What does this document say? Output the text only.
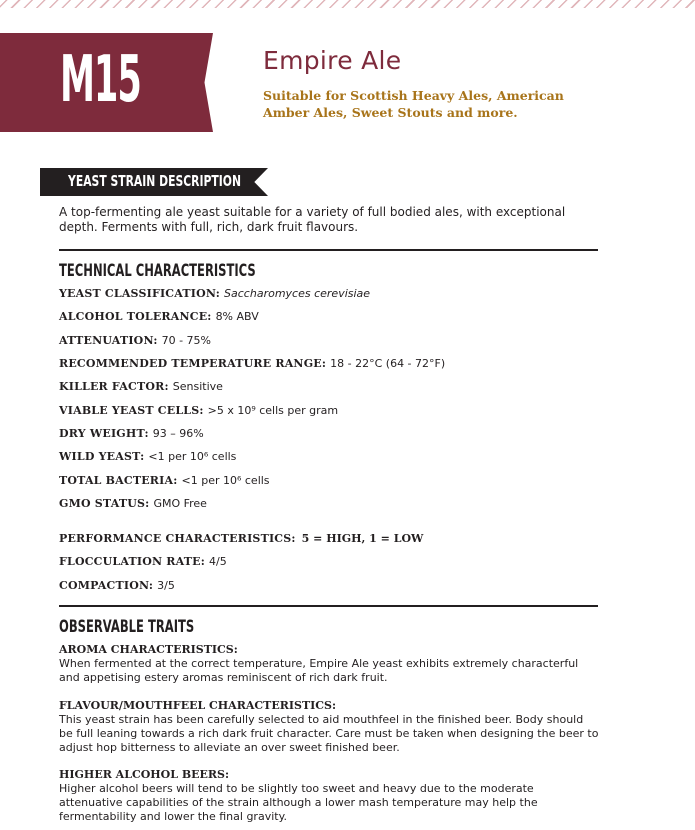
M15	Empire Ale
Suitable for Scottish Heavy Ales, American Amber Ales, Sweet Stouts and more.
YEAST STRAIN DESCRIPTION
A top-fermenting ale yeast suitable for a variety of full bodied ales, with exceptional depth. Ferments with full, rich, dark fruit flavours.
TECHNICAL CHARACTERISTICS
YEAST CLASSIFICATION: Saccharomyces cerevisiae
ALCOHOL TOLERANCE: 8% ABV
ATTENUATION: 70 - 75%
RECOMMENDED TEMPERATURE RANGE: 18 - 22°C (64 - 72°F)
KILLER FACTOR: Sensitive
VIABLE YEAST CELLS: >5 x 10⁹ cells per gram
DRY WEIGHT: 93 – 96%
WILD YEAST: <1 per 10⁶ cells
TOTAL BACTERIA: <1 per 10⁶ cells
GMO STATUS: GMO Free
PERFORMANCE CHARACTERISTICS: 5 = HIGH, 1 = LOW
FLOCCULATION RATE: 4/5
COMPACTION: 3/5
OBSERVABLE TRAITS
AROMA CHARACTERISTICS:
When fermented at the correct temperature, Empire Ale yeast exhibits extremely characterful and appetising estery aromas reminiscent of rich dark fruit.
FLAVOUR/MOUTHFEEL CHARACTERISTICS:
This yeast strain has been carefully selected to aid mouthfeel in the finished beer. Body should be full leaning towards a rich dark fruit character. Care must be taken when designing the beer to adjust hop bitterness to alleviate an over sweet finished beer.
HIGHER ALCOHOL BEERS:
Higher alcohol beers will tend to be slightly too sweet and heavy due to the moderate attenuative capabilities of the strain although a lower mash temperature may help the fermentability and lower the final gravity.
